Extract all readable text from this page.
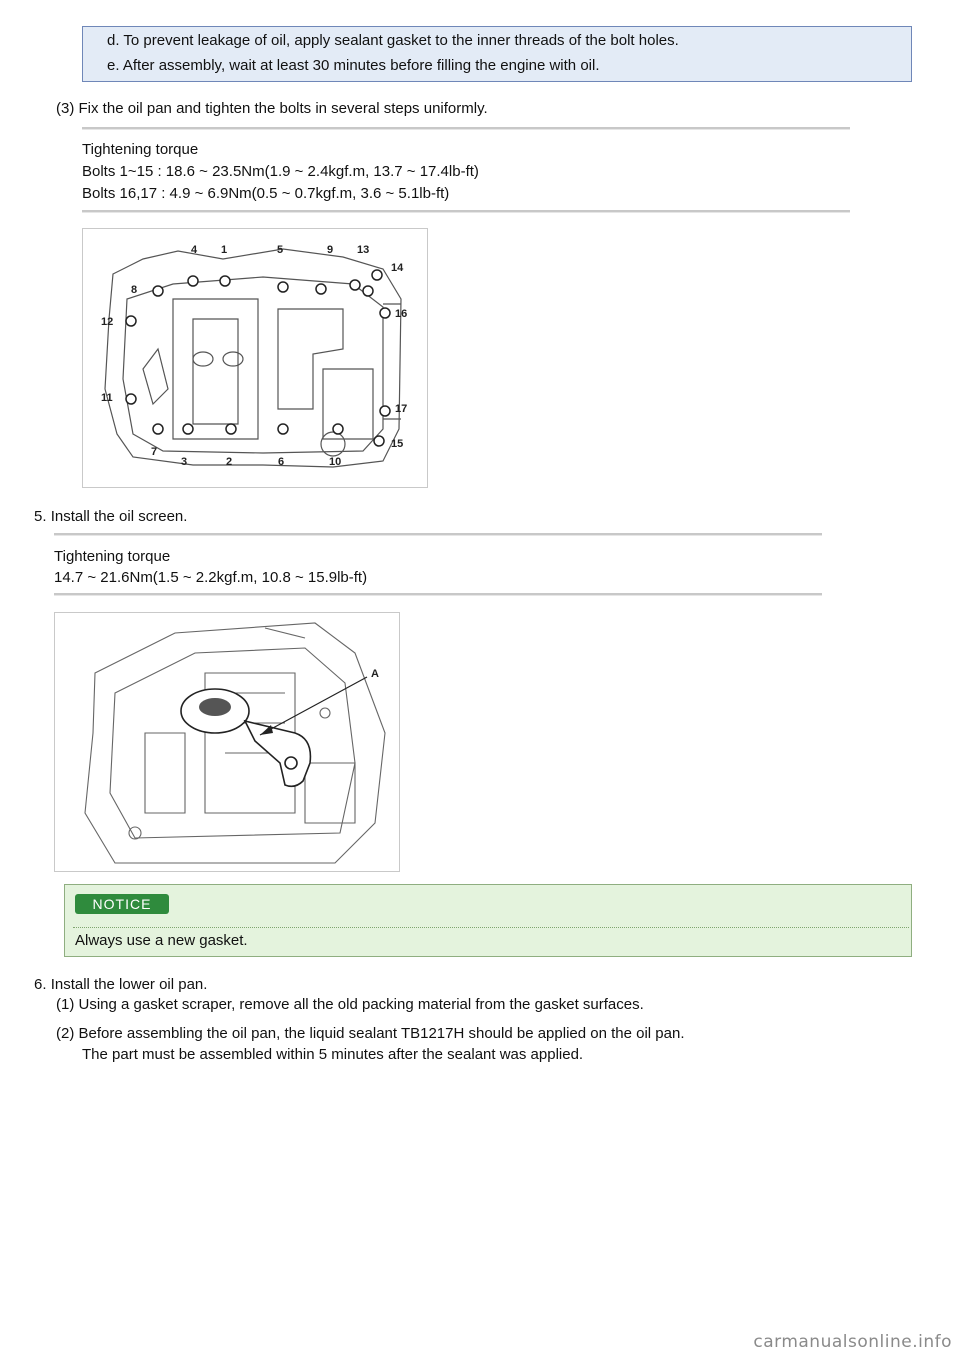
d. To prevent leakage of oil, apply sealant gasket to the inner threads of the bolt holes.
e. After assembly, wait at least 30 minutes before filling the engine with oil.
(3) Fix the oil pan and tighten the bolts in several steps uniformly.
Tightening torque
Bolts 1~15 : 18.6 ~ 23.5Nm(1.9 ~ 2.4kgf.m, 13.7 ~ 17.4lb-ft)
Bolts 16,17 : 4.9 ~ 6.9Nm(0.5 ~ 0.7kgf.m, 3.6 ~ 5.1lb-ft)
4 1	5	9 13
14
8
16
12
11
17
15
7
3	2	6	10
5. Install the oil screen.
Tightening torque
14.7 ~ 21.6Nm(1.5 ~ 2.2kgf.m, 10.8 ~ 15.9lb-ft)
A
NOTICE
Always use a new gasket.
6. Install the lower oil pan.
(1) Using a gasket scraper, remove all the old packing material from the gasket surfaces.
(2) Before assembling the oil pan, the liquid sealant TB1217H should be applied on the oil pan.
The part must be assembled within 5 minutes after the sealant was applied.
carmanualsonline.info
